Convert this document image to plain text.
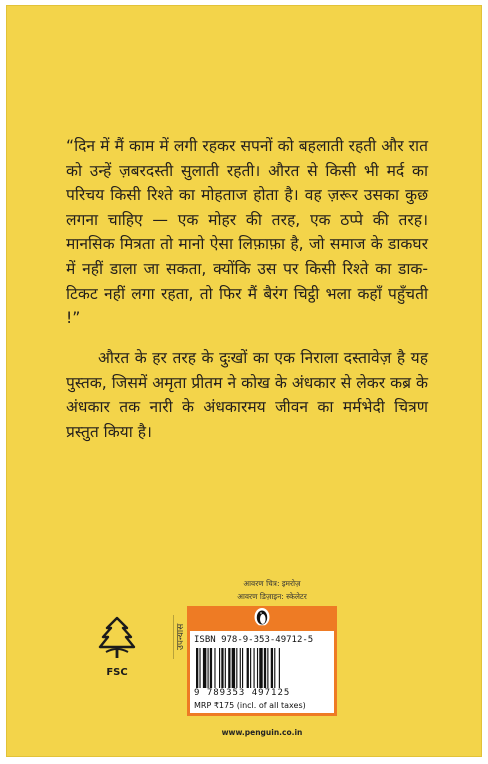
“दिन में मैं काम में लगी रहकर सपनों को बहलाती रहती और रात को उन्हें ज़बरदस्ती सुलाती रहती। औरत से किसी भी मर्द का परिचय किसी रिश्ते का मोहताज होता है। वह ज़रूर उसका कुछ लगना चाहिए — एक मोहर की तरह, एक ठप्पे की तरह। मानसिक मित्रता तो मानो ऐसा लिफ़ाफ़ा है, जो समाज के डाकघर में नहीं डाला जा सकता, क्योंकि उस पर किसी रिश्ते का डाक-टिकट नहीं लगा रहता, तो फिर मैं बैरंग चिट्ठी भला कहाँ पहुँचती !”

औरत के हर तरह के दुःखों का एक निराला दस्तावेज़ है यह पुस्तक, जिसमें अमृता प्रीतम ने कोख के अंधकार से लेकर कब्र के अंधकार तक नारी के अंधकारमय जीवन का मर्मभेदी चित्रण प्रस्तुत किया है।

आवरण चित्र: इमरोज़
आवरण डिज़ाइन: स्केलेटर
FSC
उपन्यास ISBN 978-9-353-49712-5
9 789353 497125
MRP ₹175 (incl. of all taxes)
www.penguin.co.in
